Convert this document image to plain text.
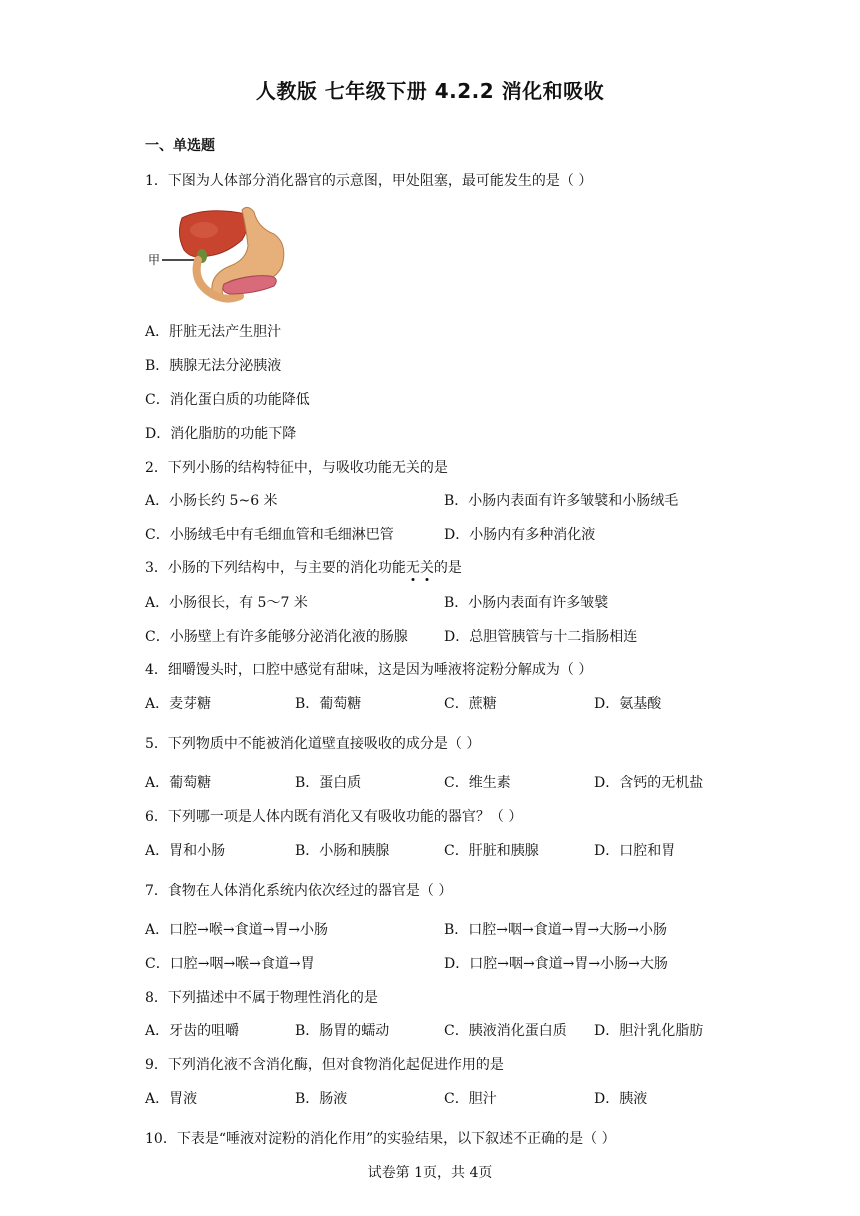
人教版 七年级下册 4.2.2 消化和吸收
一、单选题
1．下图为人体部分消化器官的示意图，甲处阻塞，最可能发生的是（ ）
甲
A．肝脏无法产生胆汁
B．胰腺无法分泌胰液
C．消化蛋白质的功能降低
D．消化脂肪的功能下降
2．下列小肠的结构特征中，与吸收功能无关的是
A．小肠长约 5~6 米	B．小肠内表面有许多皱襞和小肠绒毛
C．小肠绒毛中有毛细血管和毛细淋巴管	D．小肠内有多种消化液
3．小肠的下列结构中，与主要的消化功能无
关
的是
A．小肠很长，有 5～7 米	B．小肠内表面有许多皱襞
C．小肠壁上有许多能够分泌消化液的肠腺	D．总胆管胰管与十二指肠相连
4．细嚼馒头时，口腔中感觉有甜味，这是因为唾液将淀粉分解成为（ ）
A．麦芽糖	B．葡萄糖	C．蔗糖	D．氨基酸
5．下列物质中不能被消化道壁直接吸收的成分是（ ）
A．葡萄糖	B．蛋白质	C．维生素	D．含钙的无机盐
6．下列哪一项是人体内既有消化又有吸收功能的器官？（ ）
A．胃和小肠	B．小肠和胰腺	C．肝脏和胰腺	D．口腔和胃
7．食物在人体消化系统内依次经过的器官是（ ）
A．口腔→喉→食道→胃→小肠	B．口腔→咽→食道→胃→大肠→小肠
C．口腔→咽→喉→食道→胃	D．口腔→咽→食道→胃→小肠→大肠
8．下列描述中不属于物理性消化的是
A．牙齿的咀嚼	B．肠胃的蠕动	C．胰液消化蛋白质 D．胆汁乳化脂肪
9．下列消化液不含消化酶，但对食物消化起促进作用的是
A．胃液	B．肠液	C．胆汁	D．胰液
10．下表是“唾液对淀粉的消化作用”的实验结果，以下叙述不正确的是（ ）
试卷第 1页，共 4页
